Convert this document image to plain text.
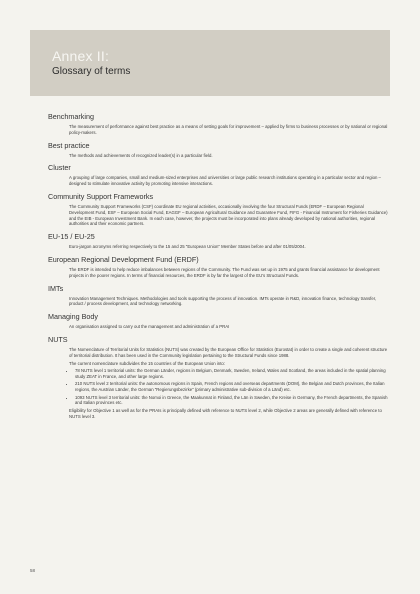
Annex II:
Glossary of terms
Benchmarking

The measurement of performance against best practice as a means of setting goals for improvement – applied by firms to business processes or by national or regional policy-makers.

Best practice

The methods and achievements of recognized leader(s) in a particular field.

Cluster

A grouping of large companies, small and medium-sized enterprises and universities or large public research institutions operating in a particular sector and region – designed to stimulate innovative activity by promoting intensive interactions.

Community Support Frameworks

The Community Support Frameworks (CSF) coordinate EU regional activities, occasionally involving the four Structural Funds (ERDF – European Regional Development Fund, ESF – European Social Fund, EAGGF – European Agricultural Guidance and Guarantee Fund, FIFG - Financial Instrument for Fisheries Guidance) and the EIB - European Investment Bank. In each case, however, the projects must be incorporated into plans already developed by national authorities, regional authorities and their economic partners.

EU-15 / EU-25

Euro-jargon acronyms referring respectively to the 15 and 25 "European Union" Member States before and after 01/05/2004.

European Regional Development Fund (ERDF)

The ERDF is intended to help reduce imbalances between regions of the Community. The Fund was set up in 1975 and grants financial assistance for development projects in the poorer regions. In terms of financial resources, the ERDF is by far the largest of the EU's Structural Funds.

IMTs

Innovation Management Techniques. Methodologies and tools supporting the process of innovation. IMTs operate in R&D, innovation finance, technology transfer, product / process development, and technology networking.

Managing Body

An organisation assigned to carry out the management and administration of a PRAI

NUTS

The Nomenclature of Territorial Units for Statistics (NUTS) was created by the European Office for Statistics (Eurostat) in order to create a single and coherent structure of territorial distribution. It has been used in the Community legislation pertaining to the Structural Funds since 1988.

The current nomenclature subdivides the 15 countries of the European Union into:

• 78 NUTS level 1 territorial units: the German Länder, regions in Belgium, Denmark, Sweden, Ireland, Wales and Scotland, the areas included in the spatial planning study ZEAT in France, and other large regions.
• 210 NUTS level 2 territorial units: the autonomous regions in Spain, French regions and overseas departments (DOM), the Belgian and Dutch provinces, the Italian regions, the Austrian Länder, the German "Regierungsbezirke" (primary administrative sub-division of a Länd) etc.
• 1093 NUTS level 3 territorial units: the Nomoi in Greece, the Maakunnat in Finland, the Län in Sweden, the Kreise in Germany, the French departments, the Spanish and Italian provinces etc.

Eligibility for Objective 1 as well as for the PRAIs is principally defined with reference to NUTS level 2, while Objective 2 areas are generally defined with reference to NUTS level 3.

58
